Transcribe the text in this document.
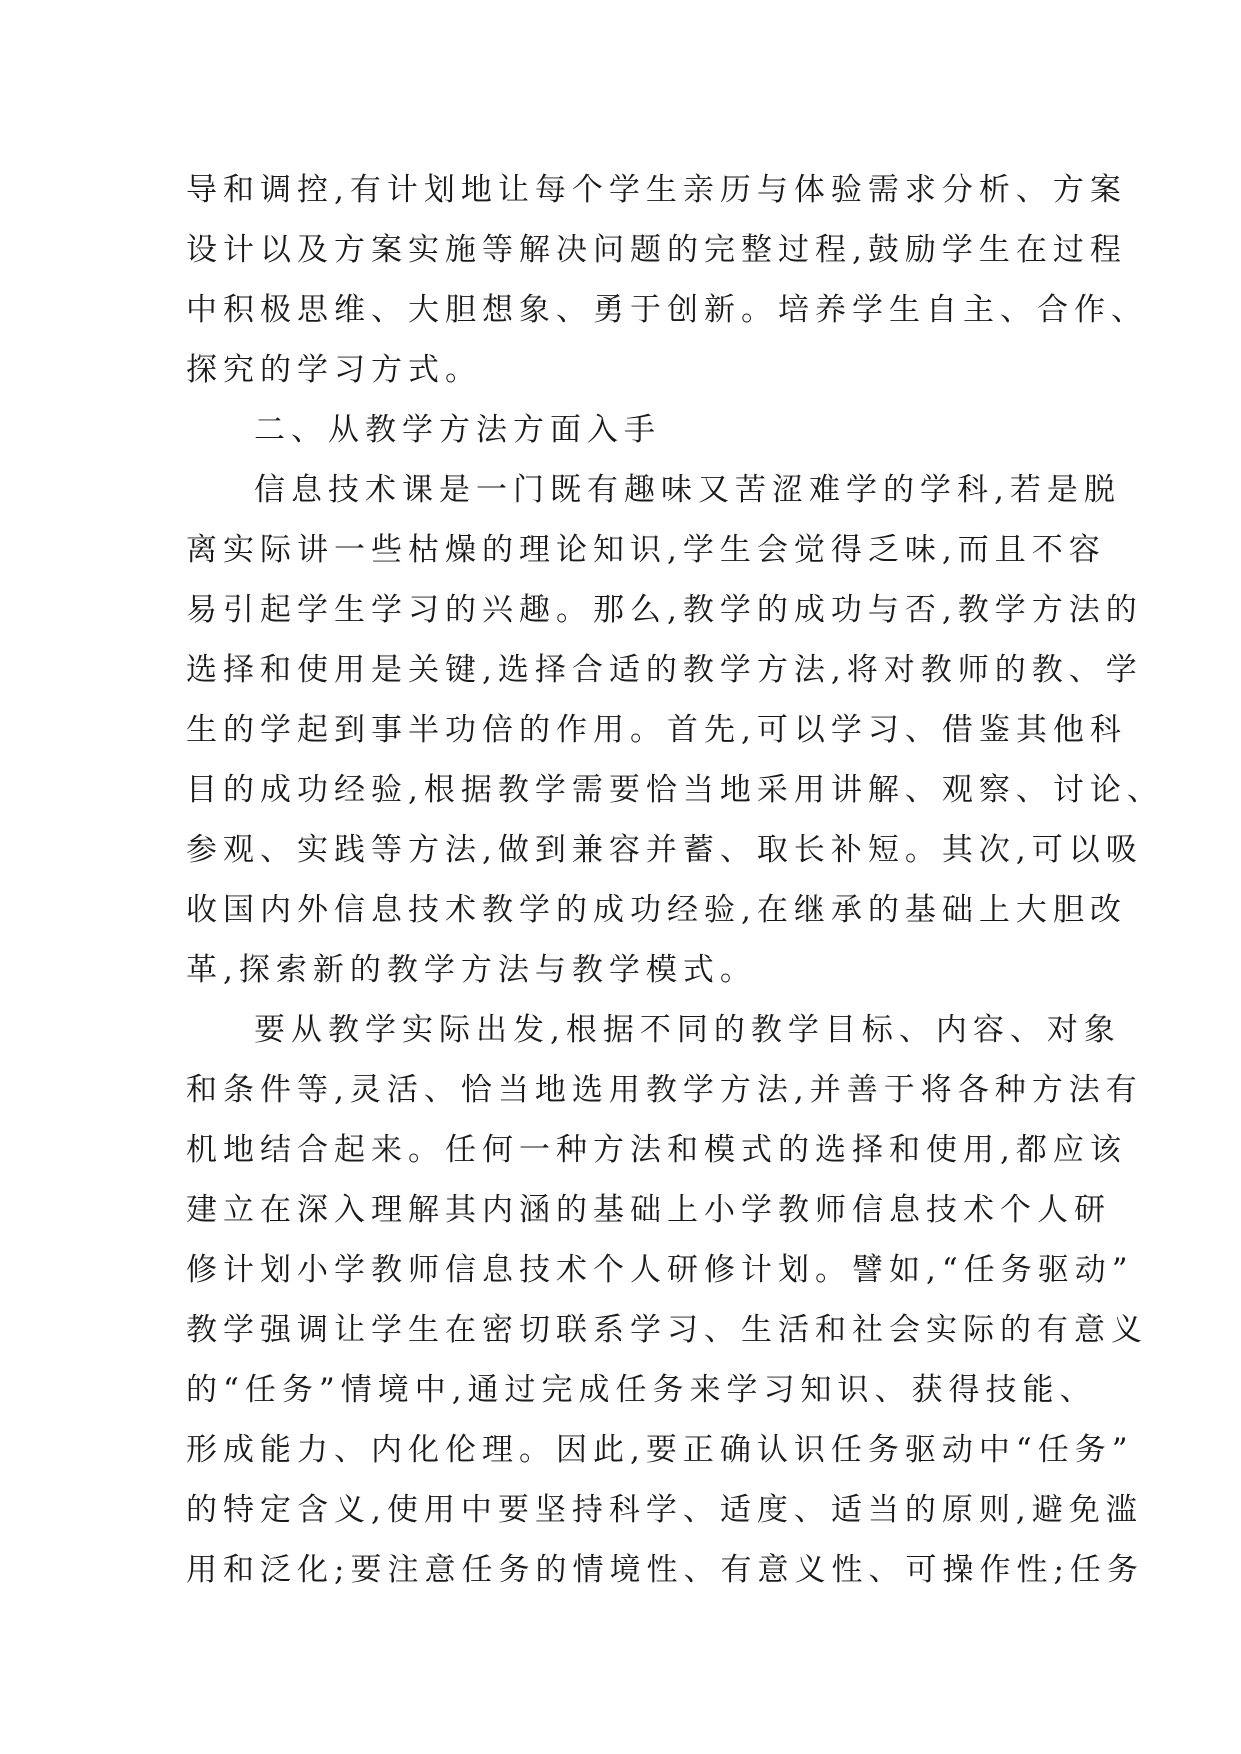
导和调控,有计划地让每个学生亲历与体验需求分析、方案

设计以及方案实施等解决问题的完整过程,鼓励学生在过程

中积极思维、大胆想象、勇于创新。培养学生自主、合作、

探究的学习方式。

二、从教学方法方面入手

信息技术课是一门既有趣味又苦涩难学的学科,若是脱

离实际讲一些枯燥的理论知识,学生会觉得乏味,而且不容

易引起学生学习的兴趣。那么,教学的成功与否,教学方法的

选择和使用是关键,选择合适的教学方法,将对教师的教、学

生的学起到事半功倍的作用。首先,可以学习、借鉴其他科

目的成功经验,根据教学需要恰当地采用讲解、观察、讨论、

参观、实践等方法,做到兼容并蓄、取长补短。其次,可以吸

收国内外信息技术教学的成功经验,在继承的基础上大胆改

革,探索新的教学方法与教学模式。

要从教学实际出发,根据不同的教学目标、内容、对象

和条件等,灵活、恰当地选用教学方法,并善于将各种方法有

机地结合起来。任何一种方法和模式的选择和使用,都应该

建立在深入理解其内涵的基础上小学教师信息技术个人研

修计划小学教师信息技术个人研修计划。譬如,“任务驱动”

教学强调让学生在密切联系学习、生活和社会实际的有意义

的“任务”情境中,通过完成任务来学习知识、获得技能、

形成能力、内化伦理。因此,要正确认识任务驱动中“任务”

的特定含义,使用中要坚持科学、适度、适当的原则,避免滥

用和泛化;要注意任务的情境性、有意义性、可操作性;任务
